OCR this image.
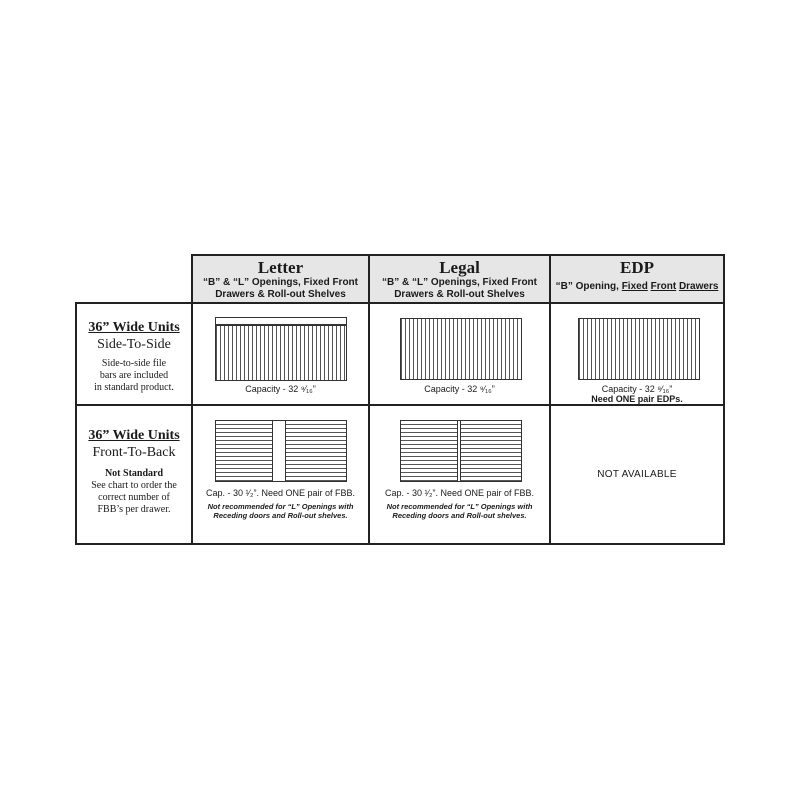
Letter
“B” & “L” Openings, Fixed Front
Drawers & Roll-out Shelves
Legal
“B” & “L” Openings, Fixed Front
Drawers & Roll-out Shelves
EDP
“B” Opening, Fixed Front Drawers
36” Wide Units
Side-To-Side
Side-to-side file
bars are included
in standard product.
36” Wide Units
Front-To-Back
Not Standard
See chart to order the
correct number of
FBB’s per drawer.
Capacity - 32 ⁹⁄₁₆”	Capacity - 32 ⁹⁄₁₆”	Capacity - 32 ⁹⁄₁₆”
Need ONE pair EDPs.
Cap. - 30 ¹⁄₂”. Need ONE pair of FBB.
Not recommended for “L” Openings with
Receding doors and Roll-out shelves.
Cap. - 30 ¹⁄₂”. Need ONE pair of FBB.
Not recommended for “L” Openings with
Receding doors and Roll-out shelves.
NOT AVAILABLE
